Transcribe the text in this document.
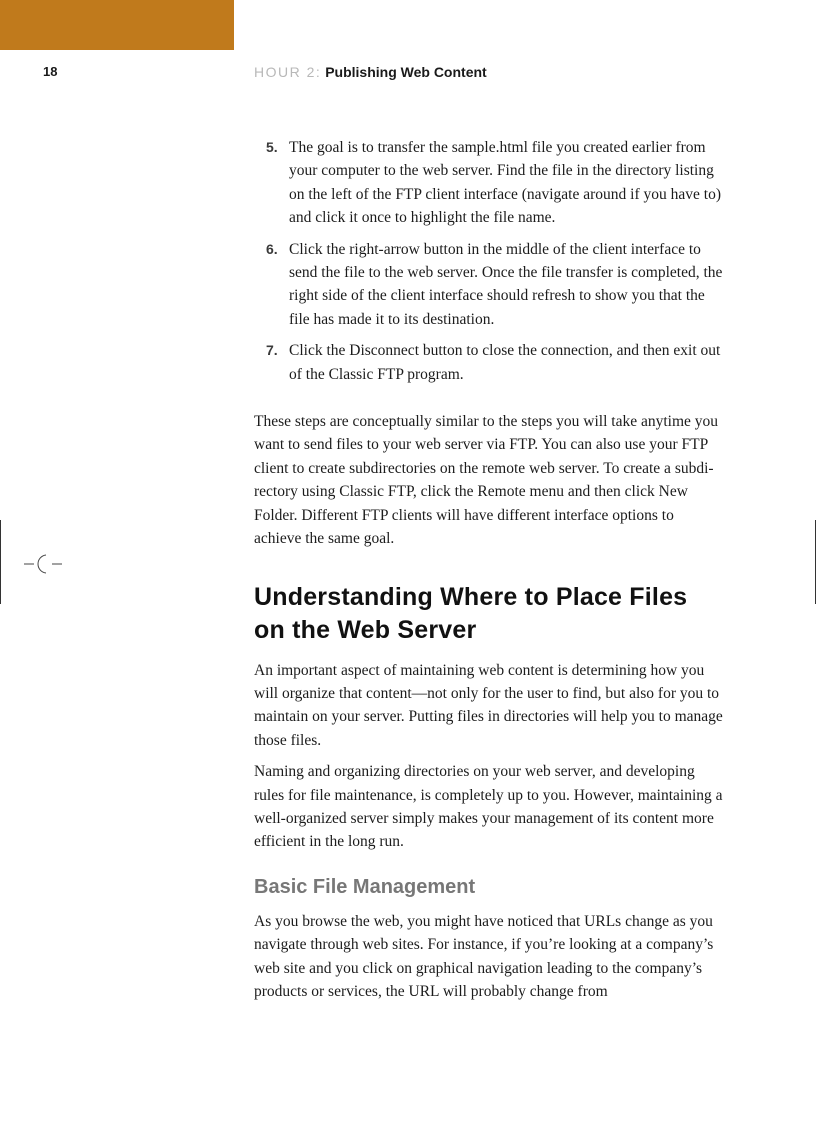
18	HOUR 2: Publishing Web Content
5. The goal is to transfer the sample.html file you created earlier from your computer to the web server. Find the file in the directory listing on the left of the FTP client interface (navigate around if you have to) and click it once to highlight the file name.
6. Click the right-arrow button in the middle of the client interface to send the file to the web server. Once the file transfer is completed, the right side of the client interface should refresh to show you that the file has made it to its destination.
7. Click the Disconnect button to close the connection, and then exit out of the Classic FTP program.

These steps are conceptually similar to the steps you will take anytime you want to send files to your web server via FTP. You can also use your FTP client to create subdirectories on the remote web server. To create a subdirectory using Classic FTP, click the Remote menu and then click New Folder. Different FTP clients will have different interface options to achieve the same goal.

Understanding Where to Place Files on the Web Server

An important aspect of maintaining web content is determining how you will organize that content—not only for the user to find, but also for you to maintain on your server. Putting files in directories will help you to manage those files.

Naming and organizing directories on your web server, and developing rules for file maintenance, is completely up to you. However, maintaining a well-organized server simply makes your management of its content more efficient in the long run.

Basic File Management

As you browse the web, you might have noticed that URLs change as you navigate through web sites. For instance, if you’re looking at a company’s web site and you click on graphical navigation leading to the company’s products or services, the URL will probably change from
